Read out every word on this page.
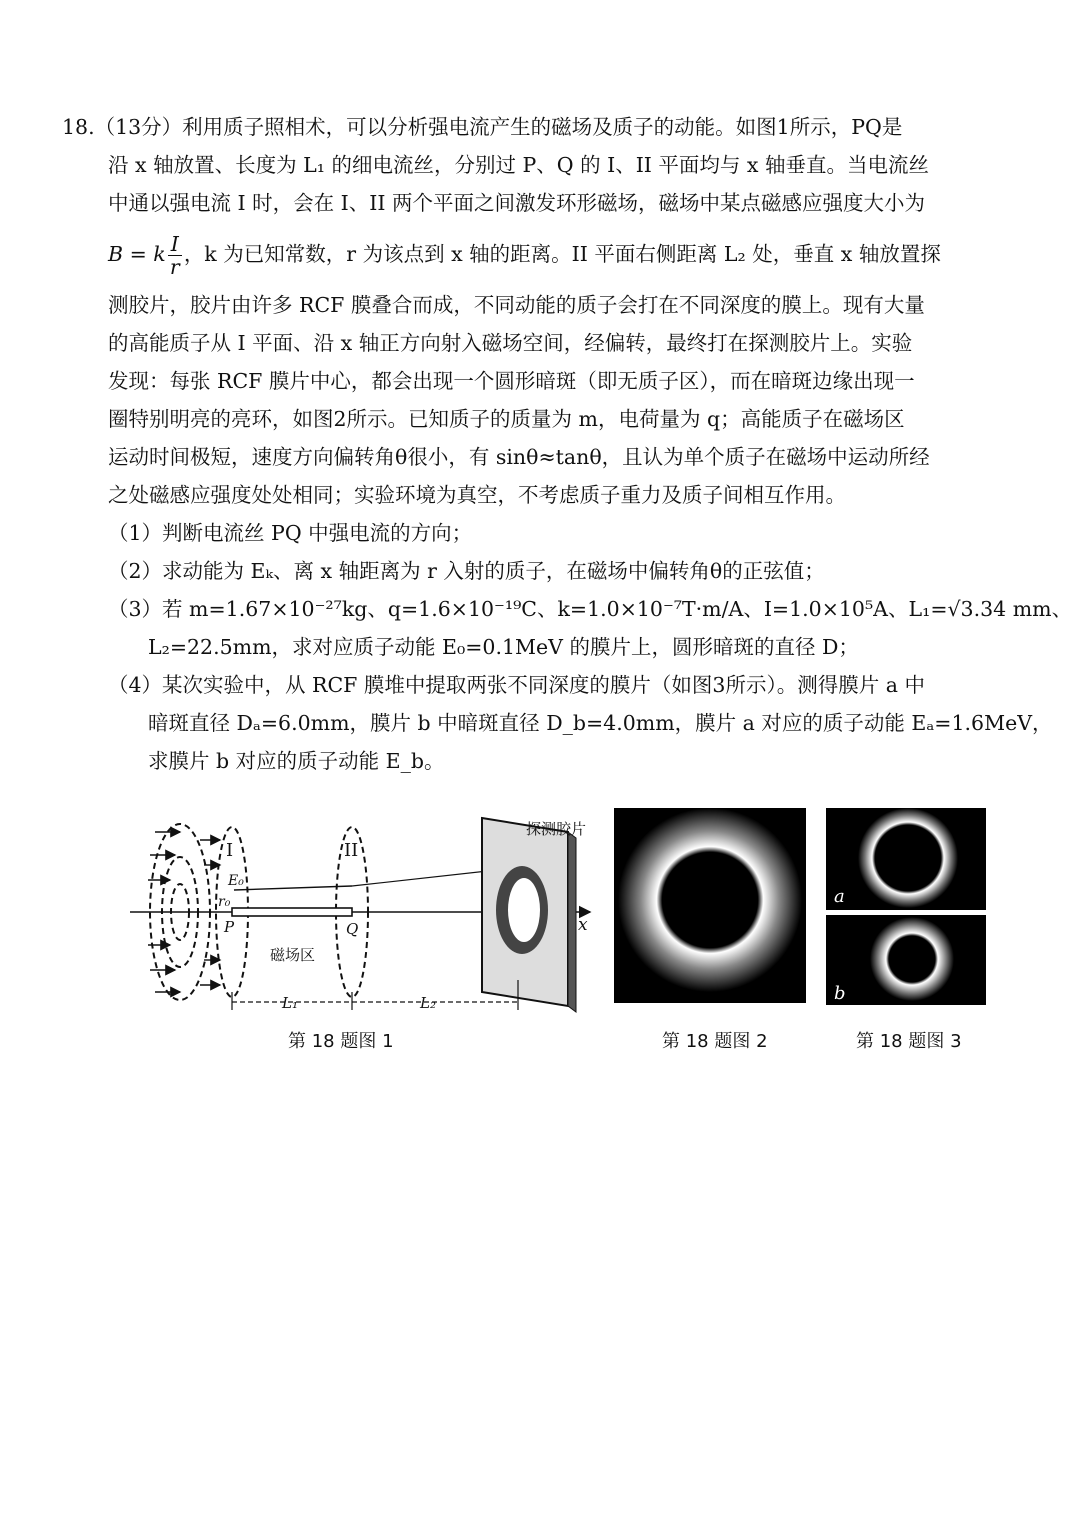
18.（13分）利用质子照相术，可以分析强电流产生的磁场及质子的动能。如图1所示，PQ是
沿 x 轴放置、长度为 L₁ 的细电流丝，分别过 P、Q 的 I、II 平面均与 x 轴垂直。当电流丝
中通以强电流 I 时，会在 I、II 两个平面之间激发环形磁场，磁场中某点磁感应强度大小为
B = k $\frac{I}{r}$ ，k 为已知常数，r 为该点到 x 轴的距离。II 平面右侧距离 L₂ 处，垂直 x 轴放置探
测胶片，胶片由许多 RCF 膜叠合而成，不同动能的质子会打在不同深度的膜上。现有大量
的高能质子从 I 平面、沿 x 轴正方向射入磁场空间，经偏转，最终打在探测胶片上。实验
发现：每张 RCF 膜片中心，都会出现一个圆形暗斑（即无质子区），而在暗斑边缘出现一
圈特别明亮的亮环，如图2所示。已知质子的质量为 m，电荷量为 q；高能质子在磁场区
运动时间极短，速度方向偏转角θ很小，有 sinθ≈tanθ，且认为单个质子在磁场中运动所经
之处磁感应强度处处相同；实验环境为真空，不考虑质子重力及质子间相互作用。
（1）判断电流丝 PQ 中强电流的方向；
（2）求动能为 Eₖ、离 x 轴距离为 r 入射的质子，在磁场中偏转角θ的正弦值；
（3）若 m=1.67×10⁻²⁷kg、q=1.6×10⁻¹⁹C、k=1.0×10⁻⁷T·m/A、I=1.0×10⁵A、L₁=√3.34 mm、
L₂=22.5mm，求对应质子动能 E₀=0.1MeV 的膜片上，圆形暗斑的直径 D；
（4）某次实验中，从 RCF 膜堆中提取两张不同深度的膜片（如图3所示）。测得膜片 a 中
暗斑直径 Dₐ=6.0mm，膜片 b 中暗斑直径 D_b=4.0mm，膜片 a 对应的质子动能 Eₐ=1.6MeV，
求膜片 b 对应的质子动能 E_b。
I	II
E₀
r₀
P	Q
磁场区
x
L₁	L₂
探测胶片
第 18 题图 1	第 18 题图 2
a
b
第 18 题图 3
